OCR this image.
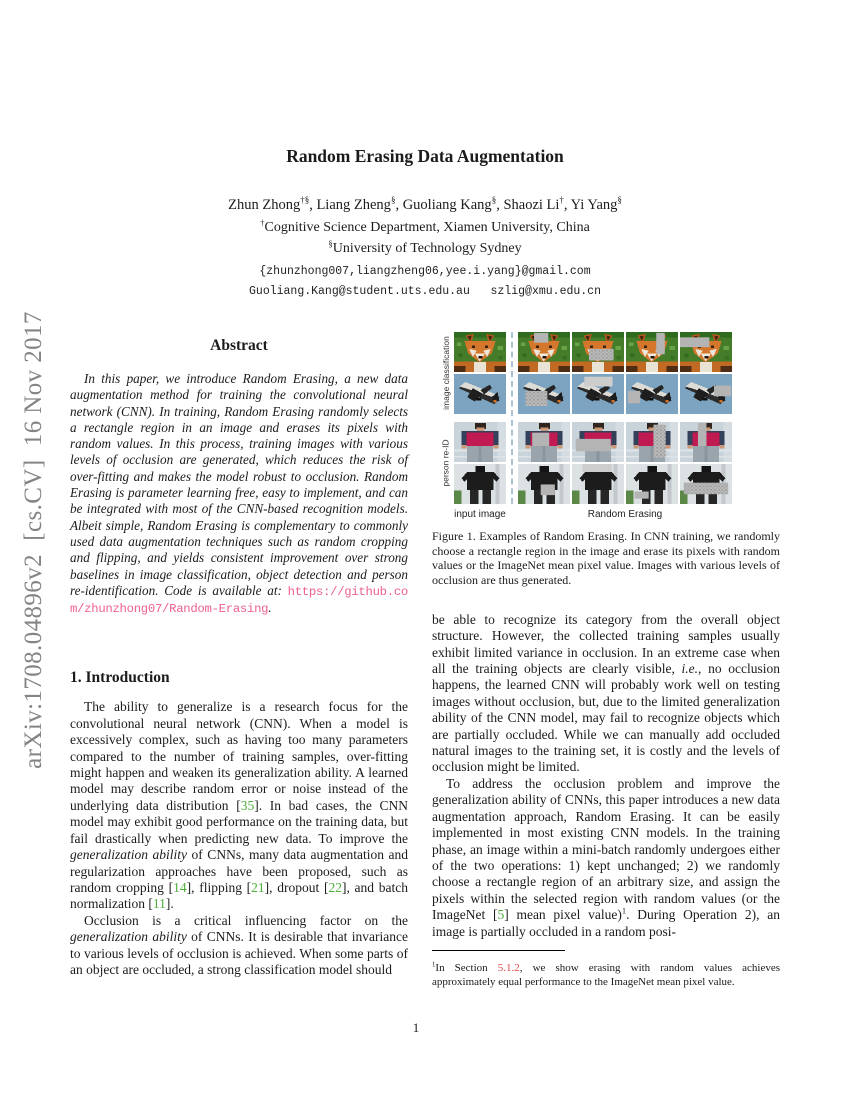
arXiv:1708.04896v2  [cs.CV]  16 Nov 2017
Random Erasing Data Augmentation

Zhun Zhong†§, Liang Zheng§, Guoliang Kang§, Shaozi Li†, Yi Yang§

†Cognitive Science Department, Xiamen University, China

§University of Technology Sydney

{zhunzhong007,liangzheng06,yee.i.yang}@gmail.com

Guoliang.Kang@student.uts.edu.au   szlig@xmu.edu.cn

Abstract

In this paper, we introduce Random Erasing, a new data augmentation method for training the convolutional neural network (CNN). In training, Random Erasing randomly selects a rectangle region in an image and erases its pixels with random values. In this process, training images with various levels of occlusion are generated, which reduces the risk of over-fitting and makes the model robust to occlusion. Random Erasing is parameter learning free, easy to implement, and can be integrated with most of the CNN-based recognition models. Albeit simple, Random Erasing is complementary to commonly used data augmentation techniques such as random cropping and flipping, and yields consistent improvement over strong baselines in image classification, object detection and person re-identification. Code is available at: https://github.com/zhunzhong07/Random-Erasing.

1. Introduction

The ability to generalize is a research focus for the convolutional neural network (CNN). When a model is excessively complex, such as having too many parameters compared to the number of training samples, over-fitting might happen and weaken its generalization ability. A learned model may describe random error or noise instead of the underlying data distribution [35]. In bad cases, the CNN model may exhibit good performance on the training data, but fail drastically when predicting new data. To improve the generalization ability of CNNs, many data augmentation and regularization approaches have been proposed, such as random cropping [14], flipping [21], dropout [22], and batch normalization [11].

Occlusion is a critical influencing factor on the generalization ability of CNNs. It is desirable that invariance to various levels of occlusion is achieved. When some parts of an object are occluded, a strong classification model should

image classification
person re-ID
input image	Random Erasing

Figure 1. Examples of Random Erasing. In CNN training, we randomly choose a rectangle region in the image and erase its pixels with random values or the ImageNet mean pixel value. Images with various levels of occlusion are thus generated.

be able to recognize its category from the overall object structure. However, the collected training samples usually exhibit limited variance in occlusion. In an extreme case when all the training objects are clearly visible, i.e., no occlusion happens, the learned CNN will probably work well on testing images without occlusion, but, due to the limited generalization ability of the CNN model, may fail to recognize objects which are partially occluded. While we can manually add occluded natural images to the training set, it is costly and the levels of occlusion might be limited.

To address the occlusion problem and improve the generalization ability of CNNs, this paper introduces a new data augmentation approach, Random Erasing. It can be easily implemented in most existing CNN models. In the training phase, an image within a mini-batch randomly undergoes either of the two operations: 1) kept unchanged; 2) we randomly choose a rectangle region of an arbitrary size, and assign the pixels within the selected region with random values (or the ImageNet [5] mean pixel value)$^1$. During Operation 2), an image is partially occluded in a random posi-

$^1$In Section 5.1.2, we show erasing with random values achieves approximately equal performance to the ImageNet mean pixel value.

1
